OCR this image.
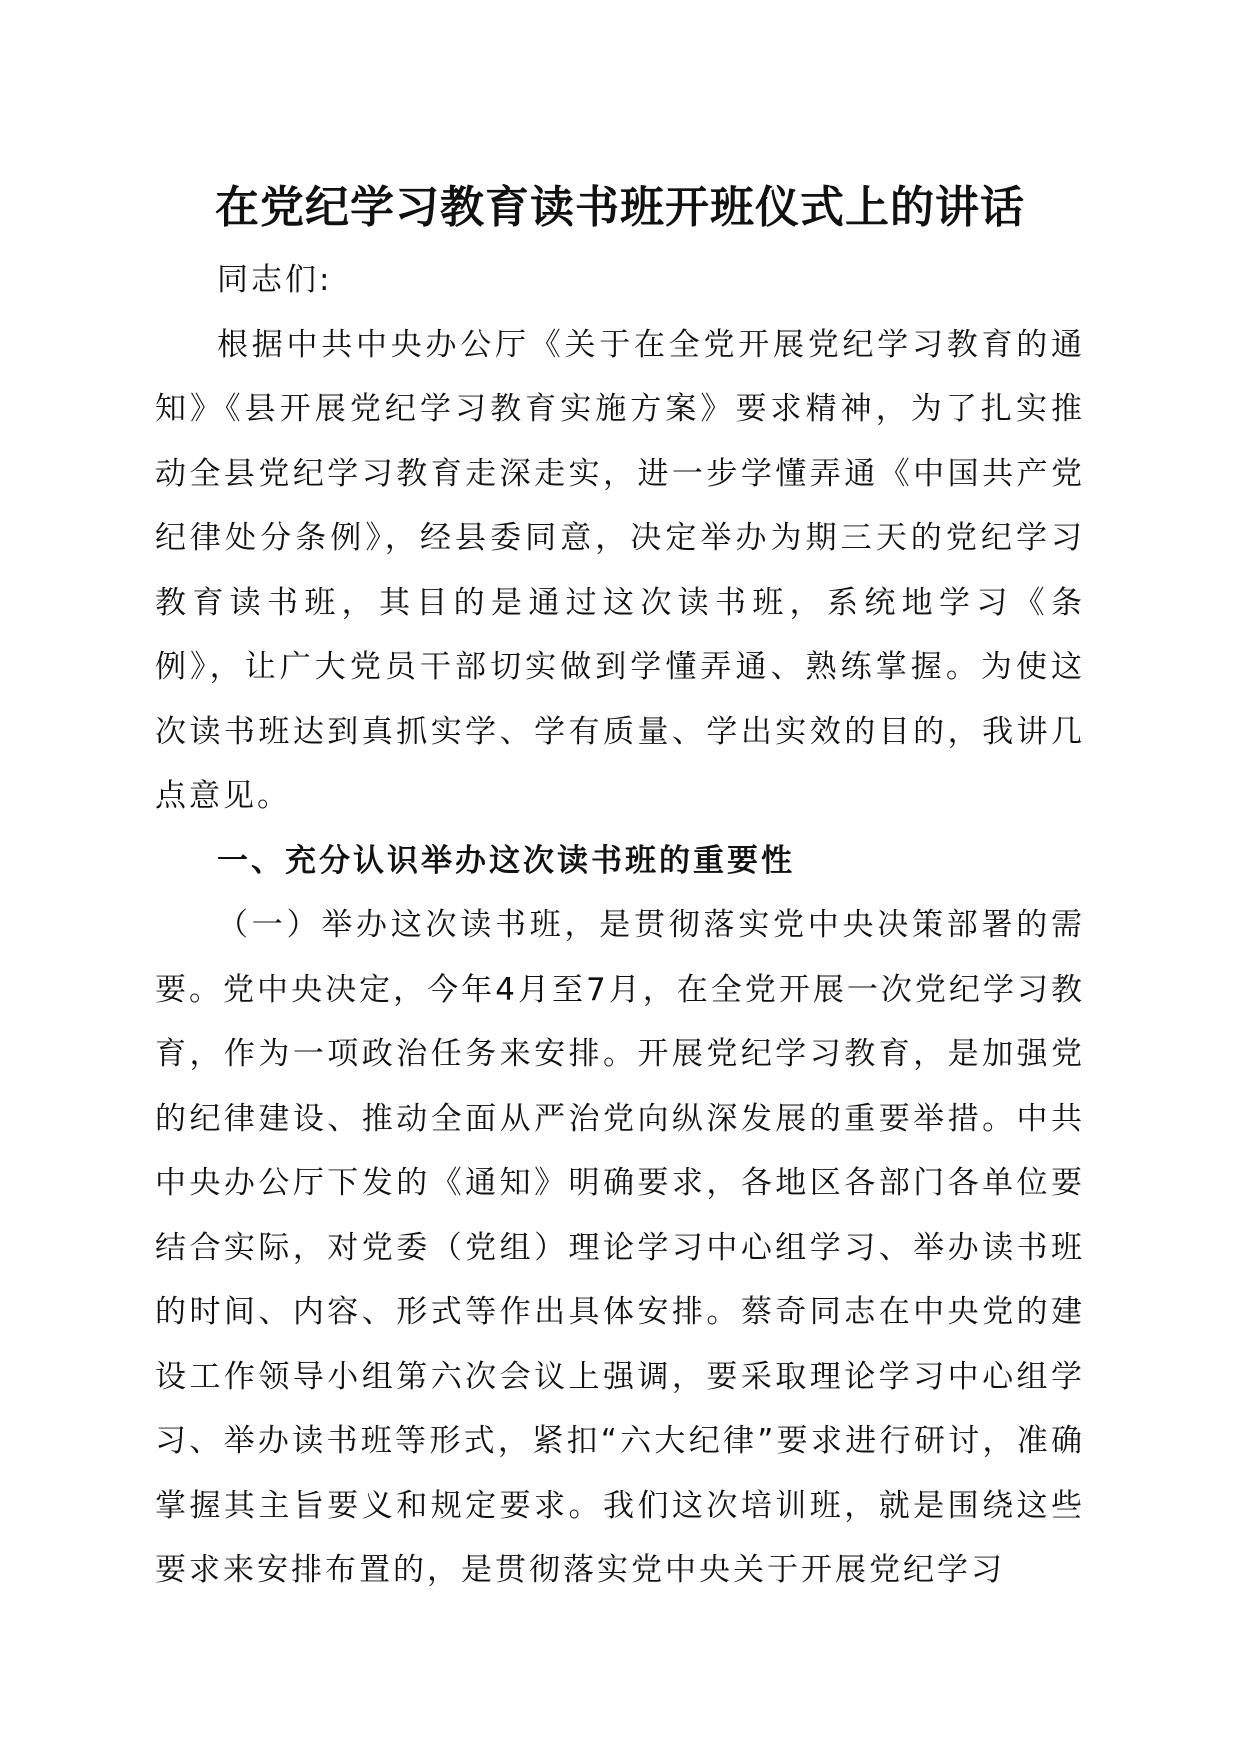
在党纪学习教育读书班开班仪式上的讲话

同志们:

根据中共中央办公厅《关于在全党开展党纪学习教育的通知》《县开展党纪学习教育实施方案》要求精神，为了扎实推动全县党纪学习教育走深走实，进一步学懂弄通《中国共产党纪律处分条例》，经县委同意，决定举办为期三天的党纪学习教育读书班，其目的是通过这次读书班，系统地学习《条例》，让广大党员干部切实做到学懂弄通、熟练掌握。为使这次读书班达到真抓实学、学有质量、学出实效的目的，我讲几点意见。

一、充分认识举办这次读书班的重要性

（一）举办这次读书班，是贯彻落实党中央决策部署的需要。党中央决定，今年4月至7月，在全党开展一次党纪学习教育，作为一项政治任务来安排。开展党纪学习教育，是加强党的纪律建设、推动全面从严治党向纵深发展的重要举措。中共中央办公厅下发的《通知》明确要求，各地区各部门各单位要结合实际，对党委（党组）理论学习中心组学习、举办读书班的时间、内容、形式等作出具体安排。蔡奇同志在中央党的建设工作领导小组第六次会议上强调，要采取理论学习中心组学习、举办读书班等形式，紧扣“六大纪律”要求进行研讨，准确掌握其主旨要义和规定要求。我们这次培训班，就是围绕这些要求来安排布置的，是贯彻落实党中央关于开展党纪学习
